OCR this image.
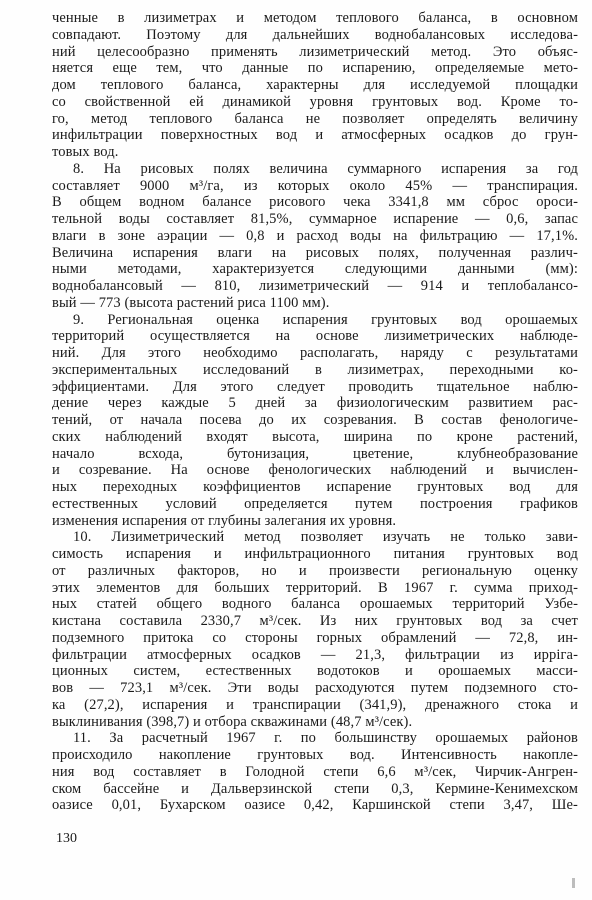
ченные в лизиметрах и методом теплового баланса, в основном
совпадают. Поэтому для дальнейших воднобалансовых исследова-
ний целесообразно применять лизиметрический метод. Это объяс-
няется еще тем, что данные по испарению, определяемые мето-
дом теплового баланса, характерны для исследуемой площадки
со свойственной ей динамикой уровня грунтовых вод. Кроме то-
го, метод теплового баланса не позволяет определять величину
инфильтрации поверхностных вод и атмосферных осадков до грун-
товых вод.
8. На рисовых полях величина суммарного испарения за год
составляет 9000 м³/га, из которых около 45% — транспирация.
В общем водном балансе рисового чека 3341,8 мм сброс ороси-
тельной воды составляет 81,5%, суммарное испарение — 0,6, запас
влаги в зоне аэрации — 0,8 и расход воды на фильтрацию — 17,1%.
Величина испарения влаги на рисовых полях, полученная различ-
ными методами, характеризуется следующими данными (мм):
воднобалансовый — 810, лизиметрический — 914 и теплобалансо-
вый — 773 (высота растений риса 1100 мм).
9. Региональная оценка испарения грунтовых вод орошаемых
территорий осуществляется на основе лизиметрических наблюде-
ний. Для этого необходимо располагать, наряду с результатами
экспериментальных исследований в лизиметрах, переходными ко-
эффициентами. Для этого следует проводить тщательное наблю-
дение через каждые 5 дней за физиологическим развитием рас-
тений, от начала посева до их созревания. В состав фенологиче-
ских наблюдений входят высота, ширина по кроне растений,
начало всхода, бутонизация, цветение, клубнеобразование
и созревание. На основе фенологических наблюдений и вычислен-
ных переходных коэффициентов испарение грунтовых вод для
естественных условий определяется путем построения графиков
изменения испарения от глубины залегания их уровня.
10. Лизиметрический метод позволяет изучать не только зави-
симость испарения и инфильтрационного питания грунтовых вод
от различных факторов, но и произвести региональную оценку
этих элементов для больших территорий. В 1967 г. сумма приход-
ных статей общего водного баланса орошаемых территорий Узбе-
кистана составила 2330,7 м³/сек. Из них грунтовых вод за счет
подземного притока со стороны горных обрамлений — 72,8, ин-
фильтрации атмосферных осадков — 21,3, фильтрации из ирріга-
ционных систем, естественных водотоков и орошаемых масси-
вов — 723,1 м³/сек. Эти воды расходуются путем подземного сто-
ка (27,2), испарения и транспирации (341,9), дренажного стока и
выклинивания (398,7) и отбора скважинами (48,7 м³/сек).
11. За расчетный 1967 г. по большинству орошаемых районов
происходило накопление грунтовых вод. Интенсивность накопле-
ния вод составляет в Голодной степи 6,6 м³/сек, Чирчик-Ангрен-
ском бассейне и Дальверзинской степи 0,3, Кермине-Кенимехском
оазисе 0,01, Бухарском оазисе 0,42, Каршинской степи 3,47, Ше-
130
